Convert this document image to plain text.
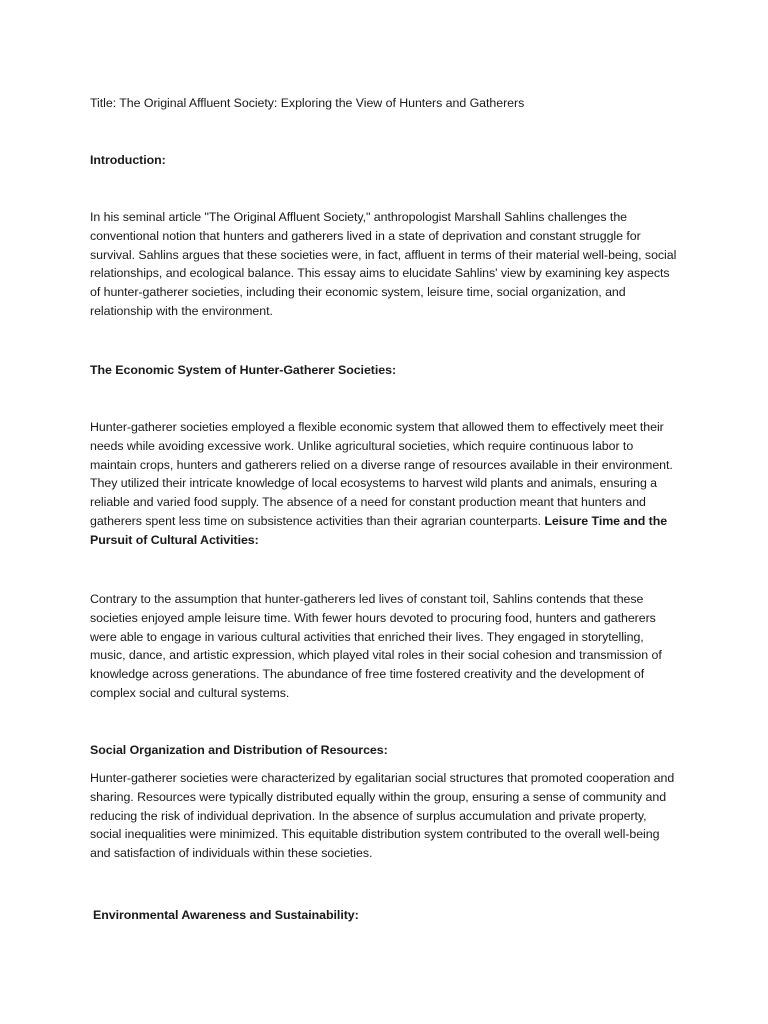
Title: The Original Affluent Society: Exploring the View of Hunters and Gatherers
Introduction:
In his seminal article "The Original Affluent Society," anthropologist Marshall Sahlins challenges the conventional notion that hunters and gatherers lived in a state of deprivation and constant struggle for survival. Sahlins argues that these societies were, in fact, affluent in terms of their material well-being, social relationships, and ecological balance. This essay aims to elucidate Sahlins' view by examining key aspects of hunter-gatherer societies, including their economic system, leisure time, social organization, and relationship with the environment.
The Economic System of Hunter-Gatherer Societies:
Hunter-gatherer societies employed a flexible economic system that allowed them to effectively meet their needs while avoiding excessive work. Unlike agricultural societies, which require continuous labor to maintain crops, hunters and gatherers relied on a diverse range of resources available in their environment. They utilized their intricate knowledge of local ecosystems to harvest wild plants and animals, ensuring a reliable and varied food supply. The absence of a need for constant production meant that hunters and gatherers spent less time on subsistence activities than their agrarian counterparts. Leisure Time and the Pursuit of Cultural Activities:
Contrary to the assumption that hunter-gatherers led lives of constant toil, Sahlins contends that these societies enjoyed ample leisure time. With fewer hours devoted to procuring food, hunters and gatherers were able to engage in various cultural activities that enriched their lives. They engaged in storytelling, music, dance, and artistic expression, which played vital roles in their social cohesion and transmission of knowledge across generations. The abundance of free time fostered creativity and the development of complex social and cultural systems.
Social Organization and Distribution of Resources:
Hunter-gatherer societies were characterized by egalitarian social structures that promoted cooperation and sharing. Resources were typically distributed equally within the group, ensuring a sense of community and reducing the risk of individual deprivation. In the absence of surplus accumulation and private property, social inequalities were minimized. This equitable distribution system contributed to the overall well-being and satisfaction of individuals within these societies.
Environmental Awareness and Sustainability:
